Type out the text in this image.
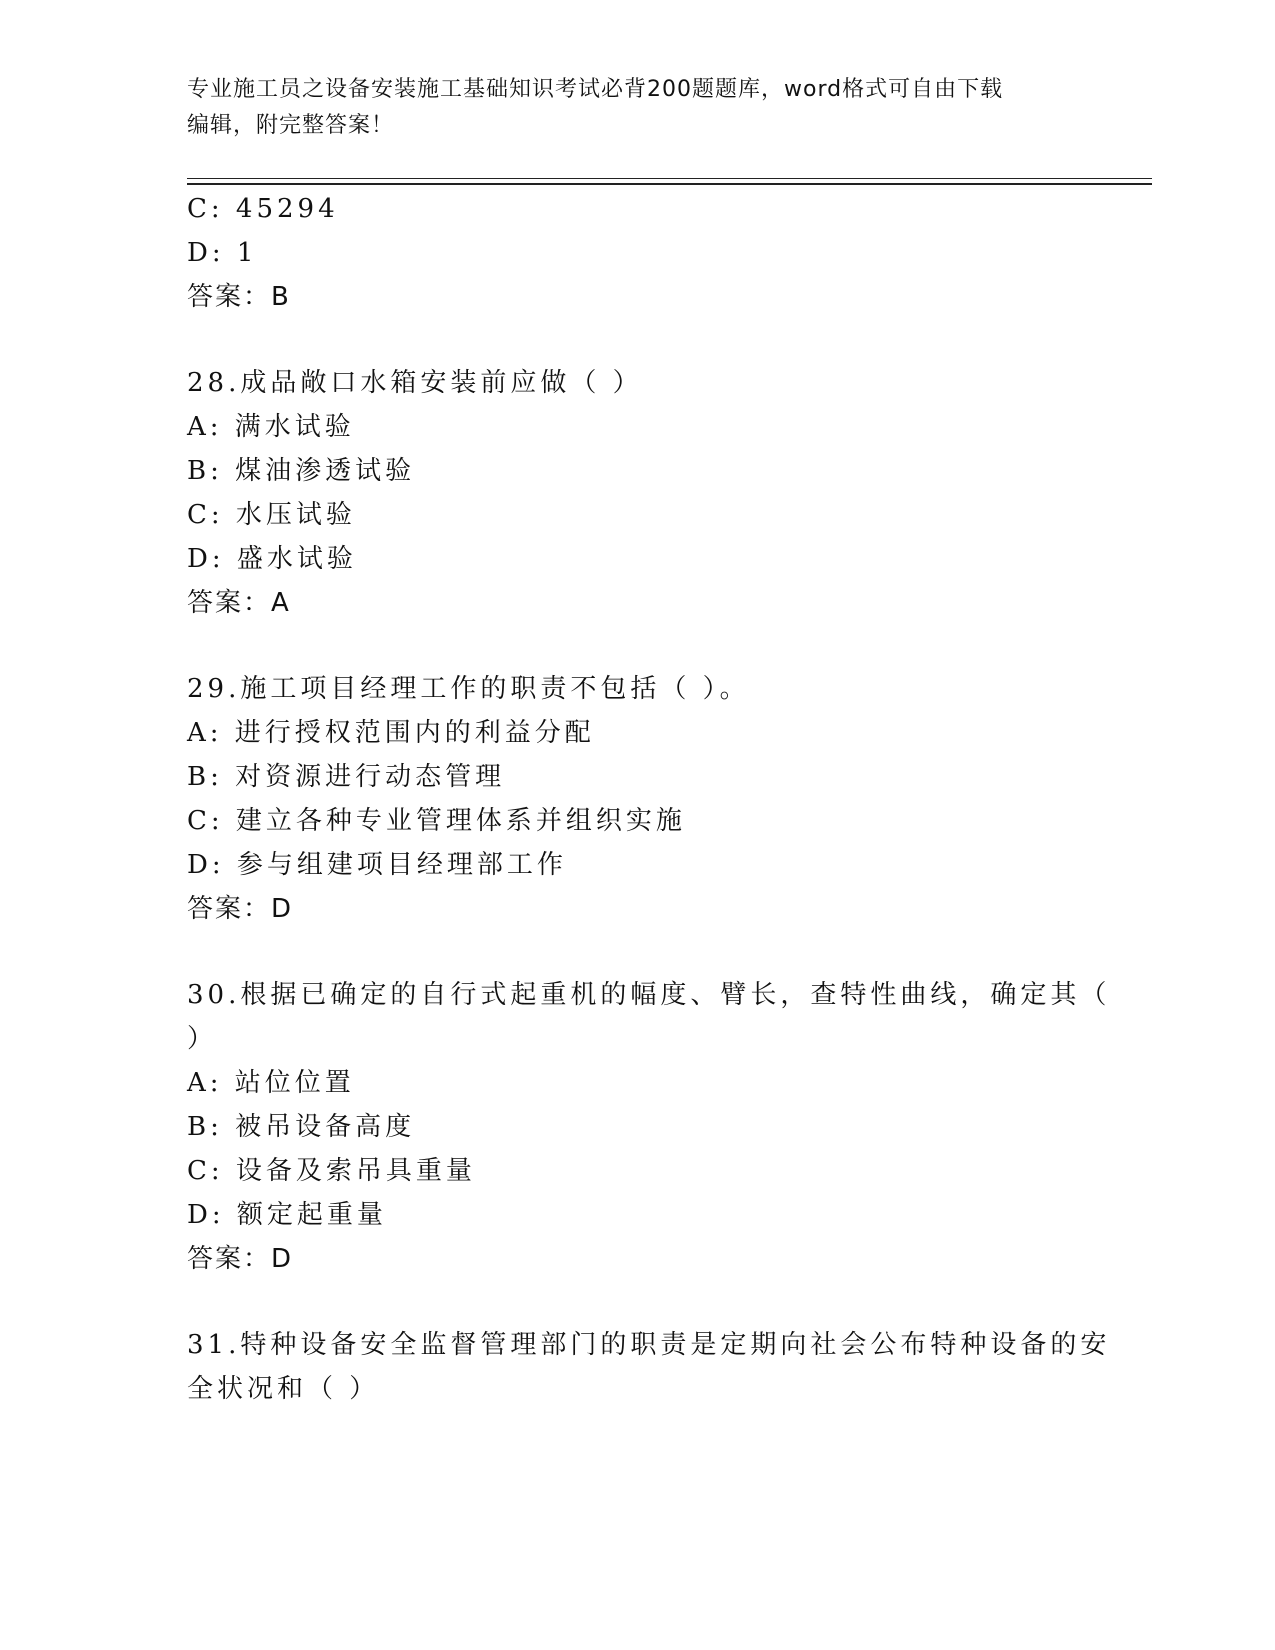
专业施工员之设备安装施工基础知识考试必背200题题库，word格式可自由下载
编辑，附完整答案！
C: 45294
D: 1
答案：B
28.成品敞口水箱安装前应做（ ）
A: 满水试验
B: 煤油渗透试验
C: 水压试验
D: 盛水试验
答案：A
29.施工项目经理工作的职责不包括（ ）。
A: 进行授权范围内的利益分配
B: 对资源进行动态管理
C: 建立各种专业管理体系并组织实施
D: 参与组建项目经理部工作
答案：D
30.根据已确定的自行式起重机的幅度、臂长，查特性曲线，确定其（
）
A: 站位位置
B: 被吊设备高度
C: 设备及索吊具重量
D: 额定起重量
答案：D
31.特种设备安全监督管理部门的职责是定期向社会公布特种设备的安
全状况和（ ）
